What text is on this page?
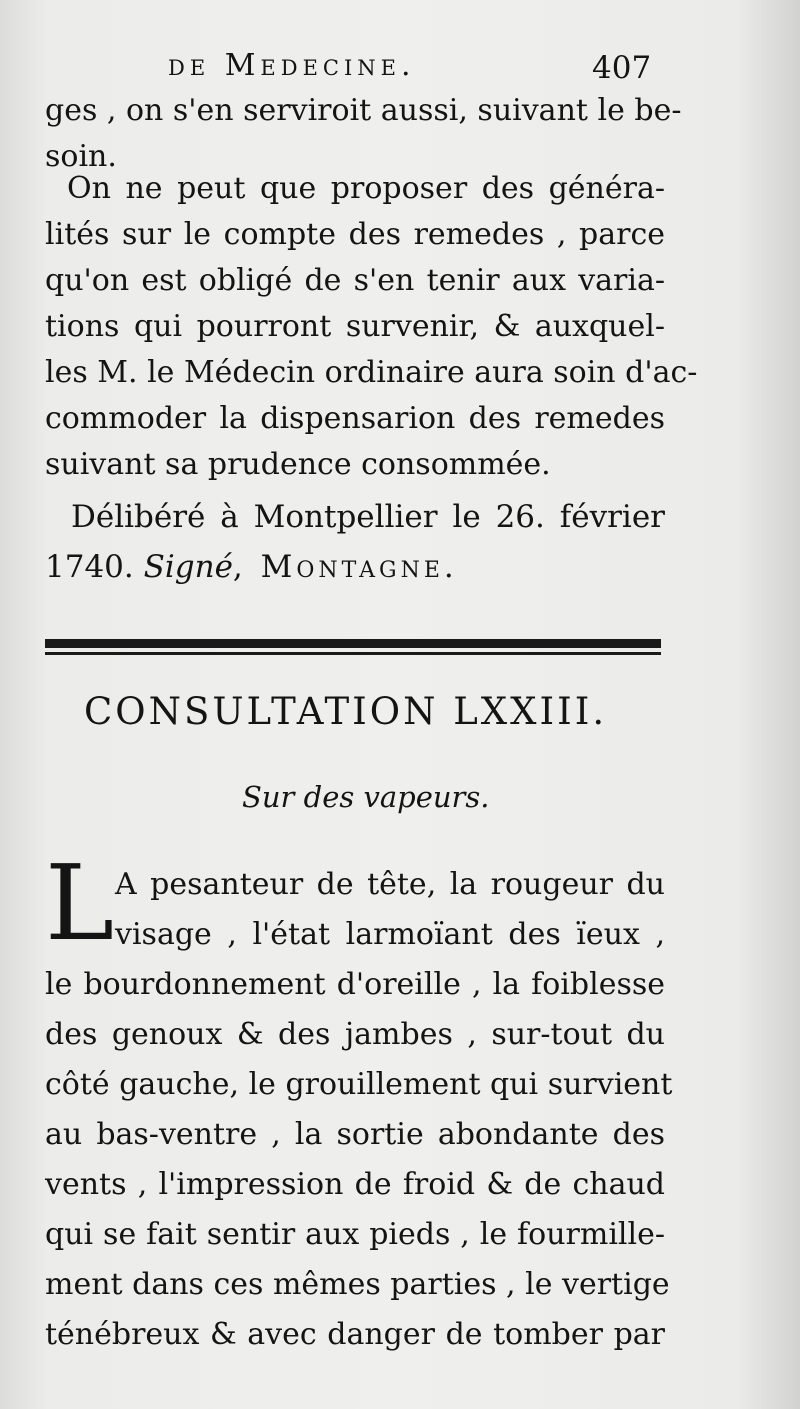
de Medecine.	407
ges , on s'en serviroit aussi, suivant le be-
soin.
On ne peut que proposer des généra-
lités sur le compte des remedes , parce
qu'on est obligé de s'en tenir aux varia-
tions qui pourront survenir, & auxquel-
les M. le Médecin ordinaire aura soin d'ac-
commoder la dispensarion des remedes
suivant sa prudence consommée.
Délibéré à Montpellier le 26. février
1740. Signé, Montagne.
CONSULTATION LXXIII.
Sur des vapeurs.
L A pesanteur de tête, la rougeur du
visage , l'état larmoïant des ïeux ,
le bourdonnement d'oreille , la foiblesse
des genoux & des jambes , sur-tout du
côté gauche, le grouillement qui survient
au bas-ventre , la sortie abondante des
vents , l'impression de froid & de chaud
qui se fait sentir aux pieds , le fourmille-
ment dans ces mêmes parties , le vertige
ténébreux & avec danger de tomber par
